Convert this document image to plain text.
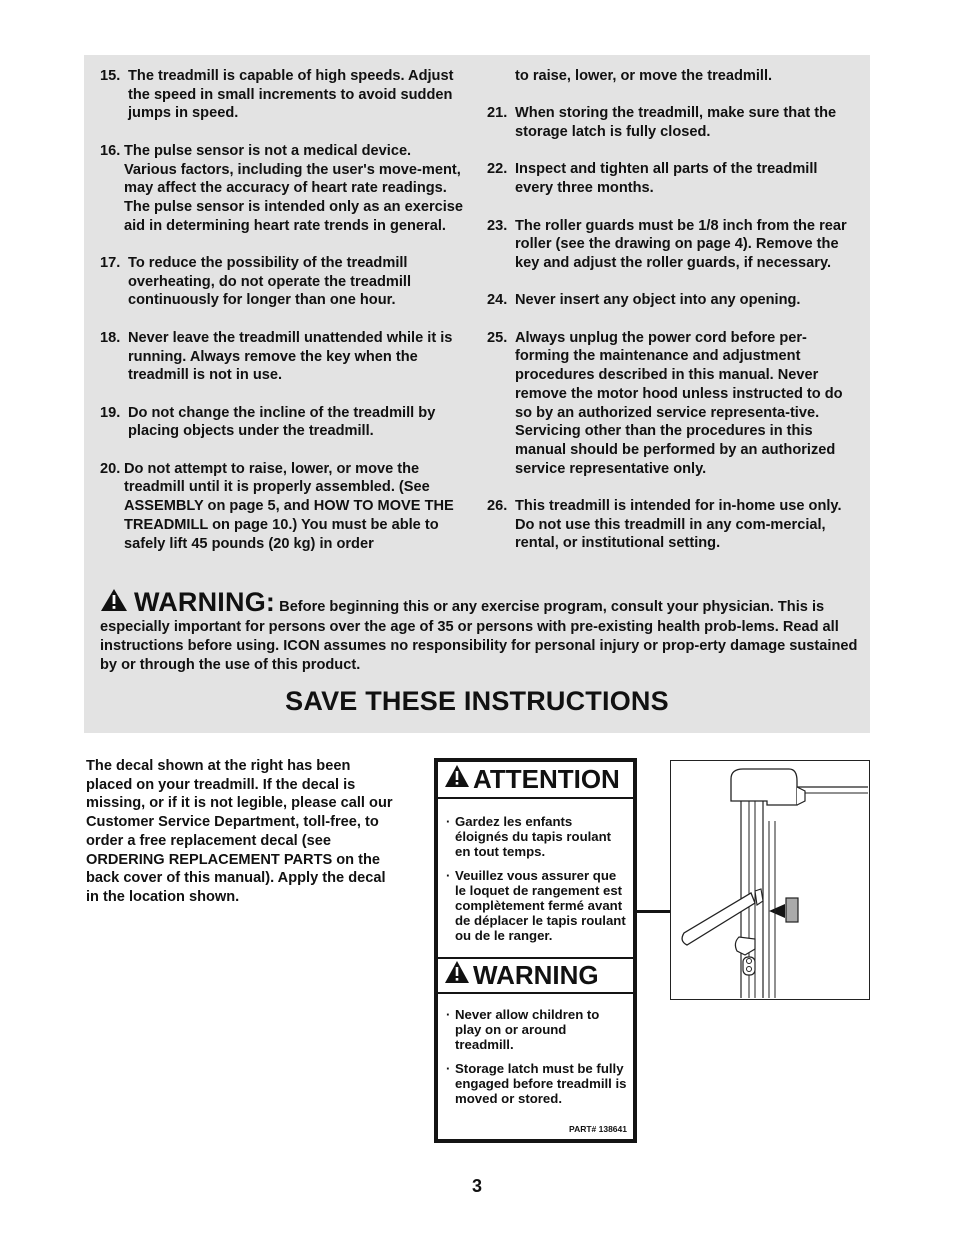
15. The treadmill is capable of high speeds. Adjust the speed in small increments to avoid sudden jumps in speed.
16. The pulse sensor is not a medical device. Various factors, including the user's move-ment, may affect the accuracy of heart rate readings. The pulse sensor is intended only as an exercise aid in determining heart rate trends in general.
17. To reduce the possibility of the treadmill overheating, do not operate the treadmill continuously for longer than one hour.
18. Never leave the treadmill unattended while it is running. Always remove the key when the treadmill is not in use.
19. Do not change the incline of the treadmill by placing objects under the treadmill.
20. Do not attempt to raise, lower, or move the treadmill until it is properly assembled. (See ASSEMBLY on page 5, and HOW TO MOVE THE TREADMILL on page 10.) You must be able to safely lift 45 pounds (20 kg) in order
to raise, lower, or move the treadmill.
21. When storing the treadmill, make sure that the storage latch is fully closed.
22. Inspect and tighten all parts of the treadmill every three months.
23. The roller guards must be 1/8 inch from the rear roller (see the drawing on page 4). Remove the key and adjust the roller guards, if necessary.
24. Never insert any object into any opening.
25. Always unplug the power cord before per-forming the maintenance and adjustment procedures described in this manual. Never remove the motor hood unless instructed to do so by an authorized service representa-tive. Servicing other than the procedures in this manual should be performed by an authorized service representative only.
26. This treadmill is intended for in-home use only. Do not use this treadmill in any com-mercial, rental, or institutional setting.
WARNING: Before beginning this or any exercise program, consult your physician. This is especially important for persons over the age of 35 or persons with pre-existing health prob-lems. Read all instructions before using. ICON assumes no responsibility for personal injury or prop-erty damage sustained by or through the use of this product.
SAVE THESE INSTRUCTIONS
The decal shown at the right has been placed on your treadmill. If the decal is missing, or if it is not legible, please call our Customer Service Department, toll-free, to order a free replacement decal (see ORDERING REPLACEMENT PARTS on the back cover of this manual). Apply the decal in the location shown.
ATTENTION
· Gardez les enfants éloignés du tapis roulant en tout temps.
· Veuillez vous assurer que le loquet de rangement est complètement fermé avant de déplacer le tapis roulant ou de le ranger.
WARNING
· Never allow children to play on or around treadmill.
· Storage latch must be fully engaged before treadmill is moved or stored.
PART# 138641
3
